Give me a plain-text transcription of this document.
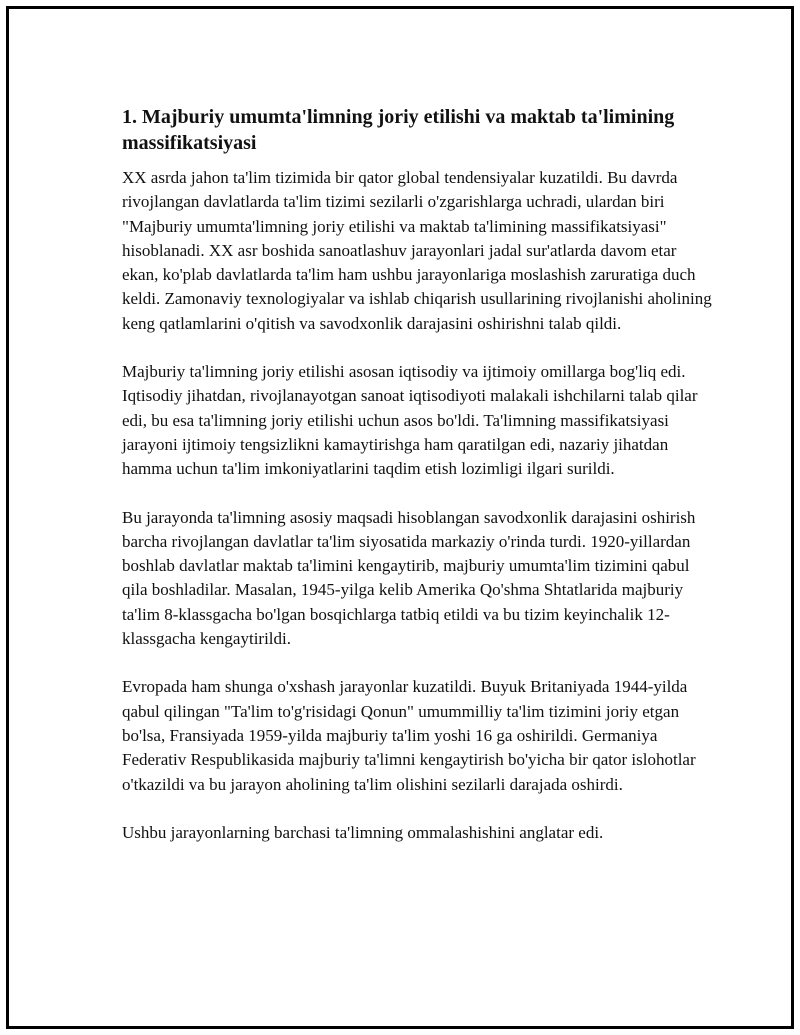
1. Majburiy umumta'limning joriy etilishi va maktab ta'limining massifikatsiyasi

XX asrda jahon ta'lim tizimida bir qator global tendensiyalar kuzatildi. Bu davrda rivojlangan davlatlarda ta'lim tizimi sezilarli o'zgarishlarga uchradi, ulardan biri "Majburiy umumta'limning joriy etilishi va maktab ta'limining massifikatsiyasi" hisoblanadi. XX asr boshida sanoatlashuv jarayonlari jadal sur'atlarda davom etar ekan, ko'plab davlatlarda ta'lim ham ushbu jarayonlariga moslashish zaruratiga duch keldi. Zamonaviy texnologiyalar va ishlab chiqarish usullarining rivojlanishi aholining keng qatlamlarini o'qitish va savodxonlik darajasini oshirishni talab qildi.

Majburiy ta'limning joriy etilishi asosan iqtisodiy va ijtimoiy omillarga bog'liq edi. Iqtisodiy jihatdan, rivojlanayotgan sanoat iqtisodiyoti malakali ishchilarni talab qilar edi, bu esa ta'limning joriy etilishi uchun asos bo'ldi. Ta'limning massifikatsiyasi jarayoni ijtimoiy tengsizlikni kamaytirishga ham qaratilgan edi, nazariy jihatdan hamma uchun ta'lim imkoniyatlarini taqdim etish lozimligi ilgari surildi.

Bu jarayonda ta'limning asosiy maqsadi hisoblangan savodxonlik darajasini oshirish barcha rivojlangan davlatlar ta'lim siyosatida markaziy o'rinda turdi. 1920-yillardan boshlab davlatlar maktab ta'limini kengaytirib, majburiy umumta'lim tizimini qabul qila boshladilar. Masalan, 1945-yilga kelib Amerika Qo'shma Shtatlarida majburiy ta'lim 8-klassgacha bo'lgan bosqichlarga tatbiq etildi va bu tizim keyinchalik 12-klassgacha kengaytirildi.

Evropada ham shunga o'xshash jarayonlar kuzatildi. Buyuk Britaniyada 1944-yilda qabul qilingan "Ta'lim to'g'risidagi Qonun" umummilliy ta'lim tizimini joriy etgan bo'lsa, Fransiyada 1959-yilda majburiy ta'lim yoshi 16 ga oshirildi. Germaniya Federativ Respublikasida majburiy ta'limni kengaytirish bo'yicha bir qator islohotlar o'tkazildi va bu jarayon aholining ta'lim olishini sezilarli darajada oshirdi.

Ushbu jarayonlarning barchasi ta'limning ommalashishini anglatar edi.
